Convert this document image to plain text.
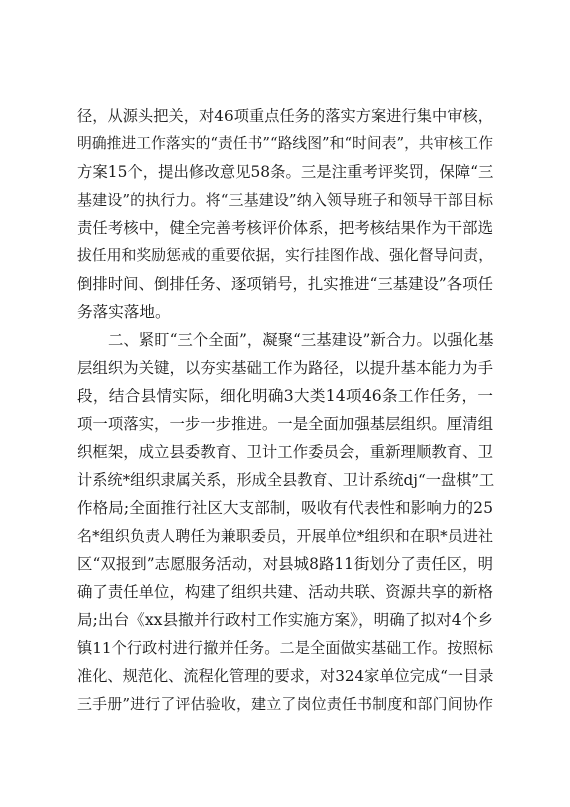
径，从源头把关，对46项重点任务的落实方案进行集中审核，
明确推进工作落实的“责任书”“路线图”和“时间表”，共审核工作
方案15个，提出修改意见58条。三是注重考评奖罚，保障“三
基建设”的执行力。将“三基建设”纳入领导班子和领导干部目标
责任考核中，健全完善考核评价体系，把考核结果作为干部选
拔任用和奖励惩戒的重要依据，实行挂图作战、强化督导问责，
倒排时间、倒排任务、逐项销号，扎实推进“三基建设”各项任
务落实落地。
二、紧盯“三个全面”，凝聚“三基建设”新合力。以强化基
层组织为关键，以夯实基础工作为路径，以提升基本能力为手
段，结合县情实际，细化明确3大类14项46条工作任务，一
项一项落实，一步一步推进。一是全面加强基层组织。厘清组
织框架，成立县委教育、卫计工作委员会，重新理顺教育、卫
计系统*组织隶属关系，形成全县教育、卫计系统dj“一盘棋”工
作格局;全面推行社区大支部制，吸收有代表性和影响力的25
名*组织负责人聘任为兼职委员，开展单位*组织和在职*员进社
区“双报到”志愿服务活动，对县城8路11街划分了责任区，明
确了责任单位，构建了组织共建、活动共联、资源共享的新格
局;出台《xx县撤并行政村工作实施方案》，明确了拟对4个乡
镇11个行政村进行撤并任务。二是全面做实基础工作。按照标
准化、规范化、流程化管理的要求，对324家单位完成“一目录
三手册”进行了评估验收，建立了岗位责任书制度和部门间协作
